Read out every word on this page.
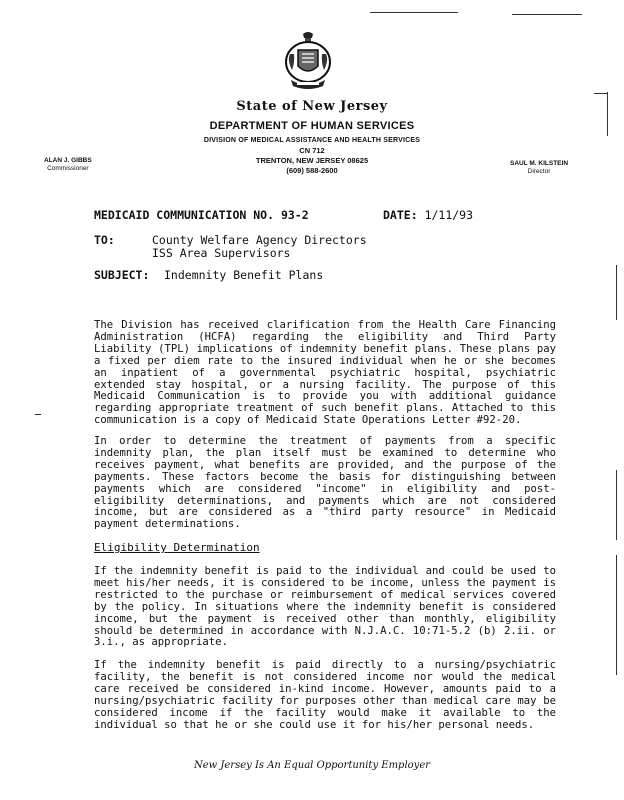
State of New Jersey
DEPARTMENT OF HUMAN SERVICES
DIVISION OF MEDICAL ASSISTANCE AND HEALTH SERVICES
CN 712
TRENTON, NEW JERSEY 08625
(609) 588-2600
ALAN J. GIBBS
Commissioner
SAUL M. KILSTEIN
Director
MEDICAID COMMUNICATION NO. 93-2	DATE: 1/11/93
TO:	County Welfare Agency Directors
ISS Area Supervisors
SUBJECT: Indemnity Benefit Plans
The Division has received clarification from the Health Care Financing Administration (HCFA) regarding the eligibility and Third Party Liability (TPL) implications of indemnity benefit plans. These plans pay a fixed per diem rate to the insured individual when he or she becomes an inpatient of a governmental psychiatric hospital, psychiatric extended stay hospital, or a nursing facility. The purpose of this Medicaid Communication is to provide you with additional guidance regarding appropriate treatment of such benefit plans. Attached to this communication is a copy of Medicaid State Operations Letter #92-20.
In order to determine the treatment of payments from a specific indemnity plan, the plan itself must be examined to determine who receives payment, what benefits are provided, and the purpose of the payments. These factors become the basis for distinguishing between payments which are considered "income" in eligibility and post-eligibility determinations, and payments which are not considered income, but are considered as a "third party resource" in Medicaid payment determinations.
Eligibility Determination
If the indemnity benefit is paid to the individual and could be used to meet his/her needs, it is considered to be income, unless the payment is restricted to the purchase or reimbursement of medical services covered by the policy. In situations where the indemnity benefit is considered income, but the payment is received other than monthly, eligibility should be determined in accordance with N.J.A.C. 10:71-5.2 (b) 2.ii. or 3.i., as appropriate.
If the indemnity benefit is paid directly to a nursing/psychiatric facility, the benefit is not considered income nor would the medical care received be considered in-kind income. However, amounts paid to a nursing/psychiatric facility for purposes other than medical care may be considered income if the facility would make it available to the individual so that he or she could use it for his/her personal needs.
New Jersey Is An Equal Opportunity Employer
